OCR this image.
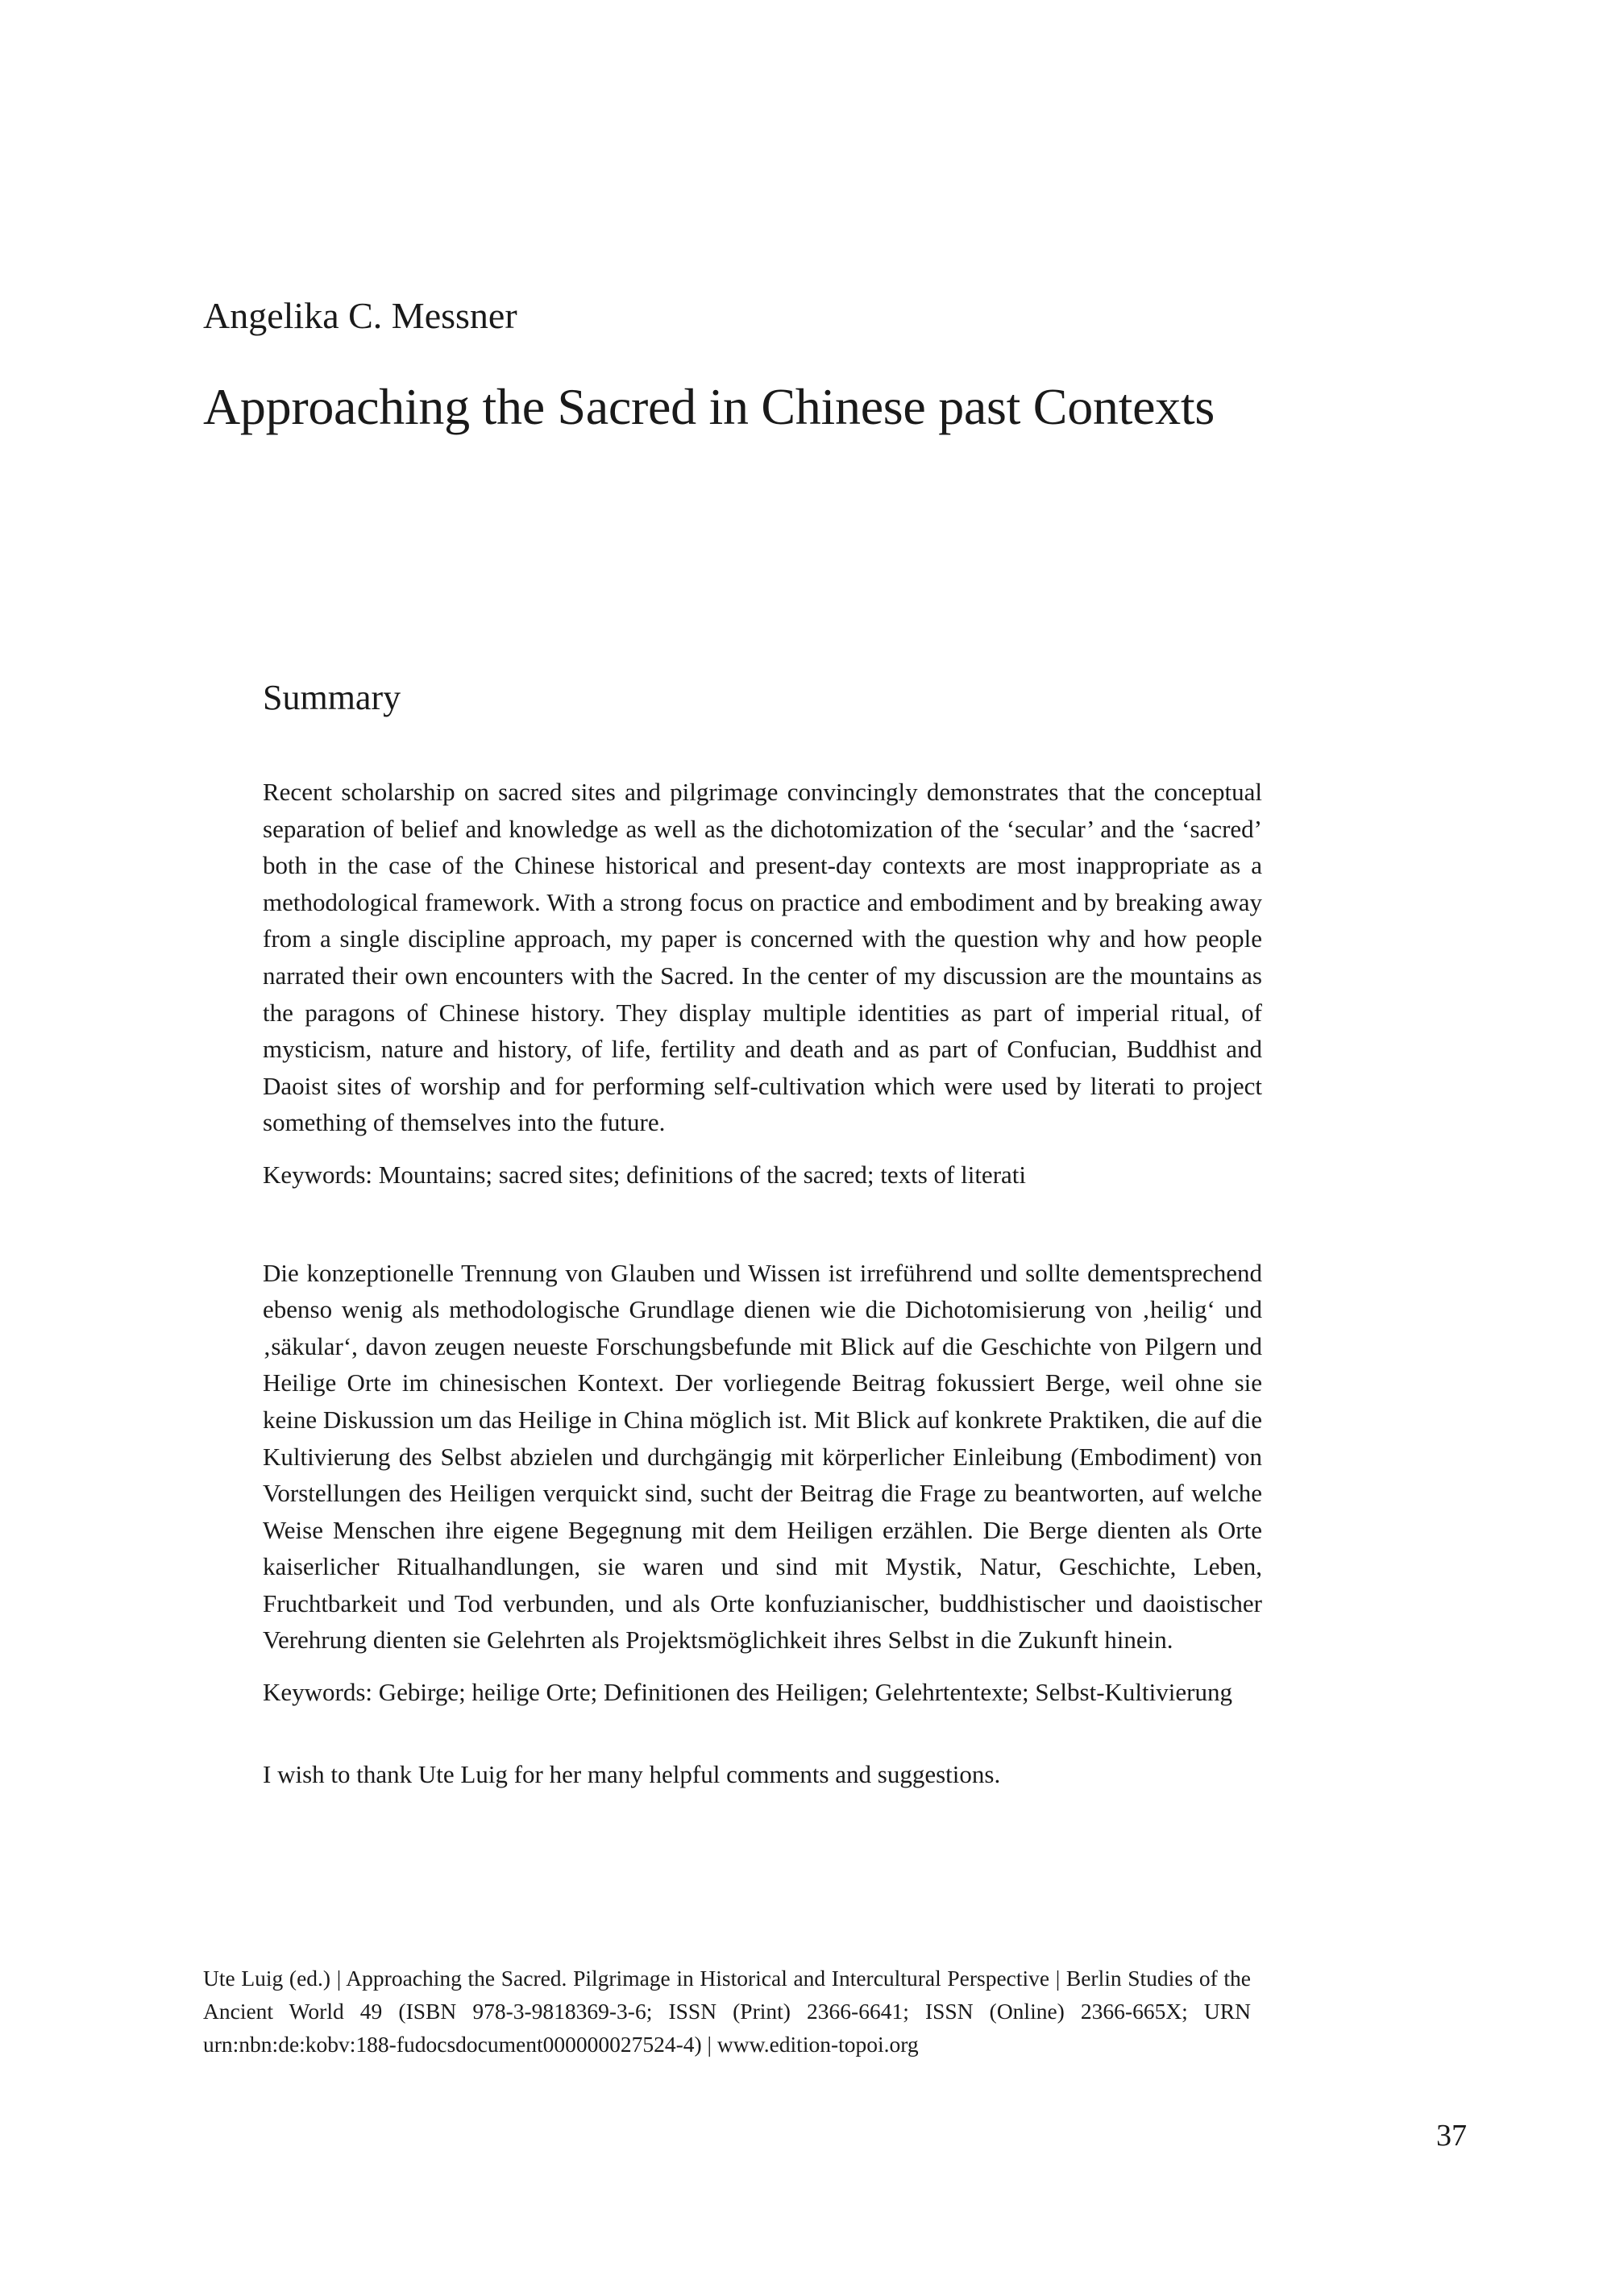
Angelika C. Messner
Approaching the Sacred in Chinese past Contexts
Summary

Recent scholarship on sacred sites and pilgrimage convincingly demonstrates that the conceptual separation of belief and knowledge as well as the dichotomization of the ‘secular’ and the ‘sacred’ both in the case of the Chinese historical and present-day contexts are most inappropriate as a methodological framework. With a strong focus on practice and embodiment and by breaking away from a single discipline approach, my paper is concerned with the question why and how people narrated their own encounters with the Sacred. In the center of my discussion are the mountains as the paragons of Chinese history. They display multiple identities as part of imperial ritual, of mysticism, nature and history, of life, fertility and death and as part of Confucian, Buddhist and Daoist sites of worship and for performing self-cultivation which were used by literati to project something of themselves into the future.

Keywords: Mountains; sacred sites; definitions of the sacred; texts of literati

Die konzeptionelle Trennung von Glauben und Wissen ist irreführend und sollte dementsprechend ebenso wenig als methodologische Grundlage dienen wie die Dichotomisierung von ‚heilig‘ und ‚säkular‘, davon zeugen neueste Forschungsbefunde mit Blick auf die Geschichte von Pilgern und Heilige Orte im chinesischen Kontext. Der vorliegende Beitrag fokussiert Berge, weil ohne sie keine Diskussion um das Heilige in China möglich ist. Mit Blick auf konkrete Praktiken, die auf die Kultivierung des Selbst abzielen und durchgängig mit körperlicher Einleibung (Embodiment) von Vorstellungen des Heiligen verquickt sind, sucht der Beitrag die Frage zu beantworten, auf welche Weise Menschen ihre eigene Begegnung mit dem Heiligen erzählen. Die Berge dienten als Orte kaiserlicher Ritualhandlungen, sie waren und sind mit Mystik, Natur, Geschichte, Leben, Fruchtbarkeit und Tod verbunden, und als Orte konfuzianischer, buddhistischer und daoistischer Verehrung dienten sie Gelehrten als Projektsmöglichkeit ihres Selbst in die Zukunft hinein.

Keywords: Gebirge; heilige Orte; Definitionen des Heiligen; Gelehrtentexte; Selbst-Kultivierung

I wish to thank Ute Luig for her many helpful comments and suggestions.

Ute Luig (ed.) | Approaching the Sacred. Pilgrimage in Historical and Intercultural Perspective | Berlin Studies of the Ancient World 49 (ISBN 978-3-9818369-3-6; ISSN (Print) 2366-6641; ISSN (Online) 2366-665X; URN urn:nbn:de:kobv:188-fudocsdocument000000027524-4) | www.edition-topoi.org
37
